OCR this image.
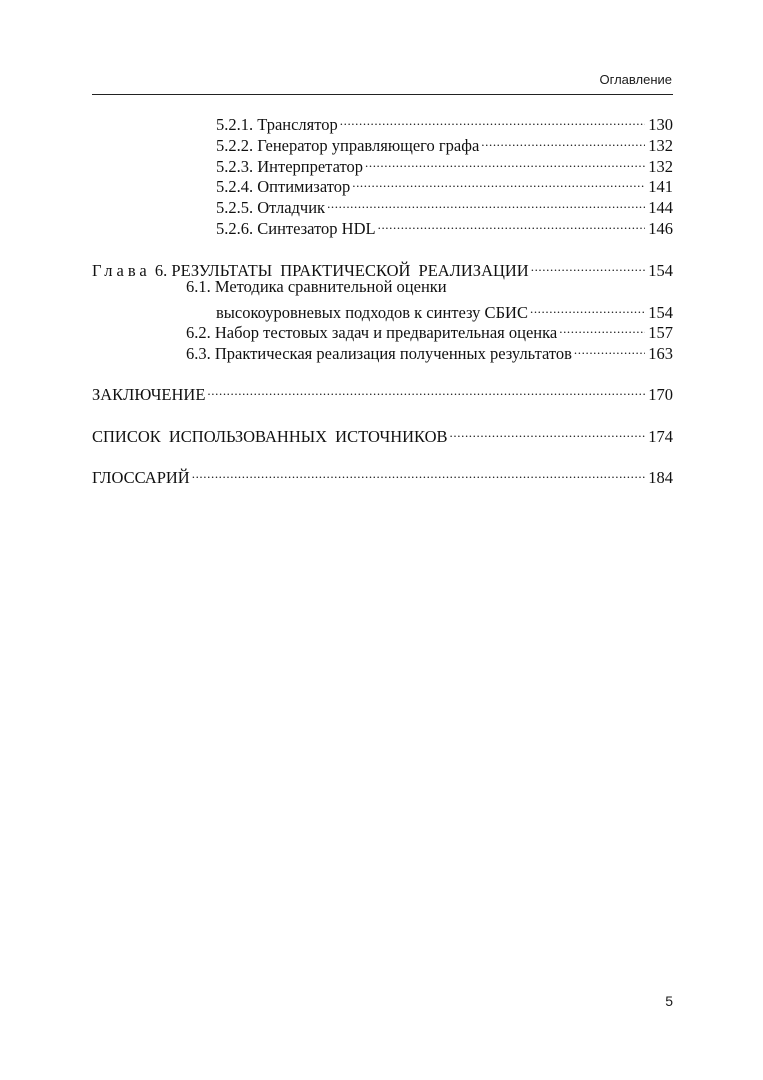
Оглавление
5.2.1. Транслятор .....	130
5.2.2. Генератор управляющего графа .....	132
5.2.3. Интерпретатор .....	132
5.2.4. Оптимизатор .....	141
5.2.5. Отладчик .....	144
5.2.6. Синтезатор HDL .....	146
Глава 6. РЕЗУЛЬТАТЫ ПРАКТИЧЕСКОЙ РЕАЛИЗАЦИИ .....	154
6.1. Методика сравнительной оценки
высокоуровневых подходов к синтезу СБИС .....	154
6.2. Набор тестовых задач и предварительная оценка .....	157
6.3. Практическая реализация полученных результатов .....	163
ЗАКЛЮЧЕНИЕ .....	170
СПИСОК ИСПОЛЬЗОВАННЫХ ИСТОЧНИКОВ .....	174
ГЛОССАРИЙ .....	184
5
